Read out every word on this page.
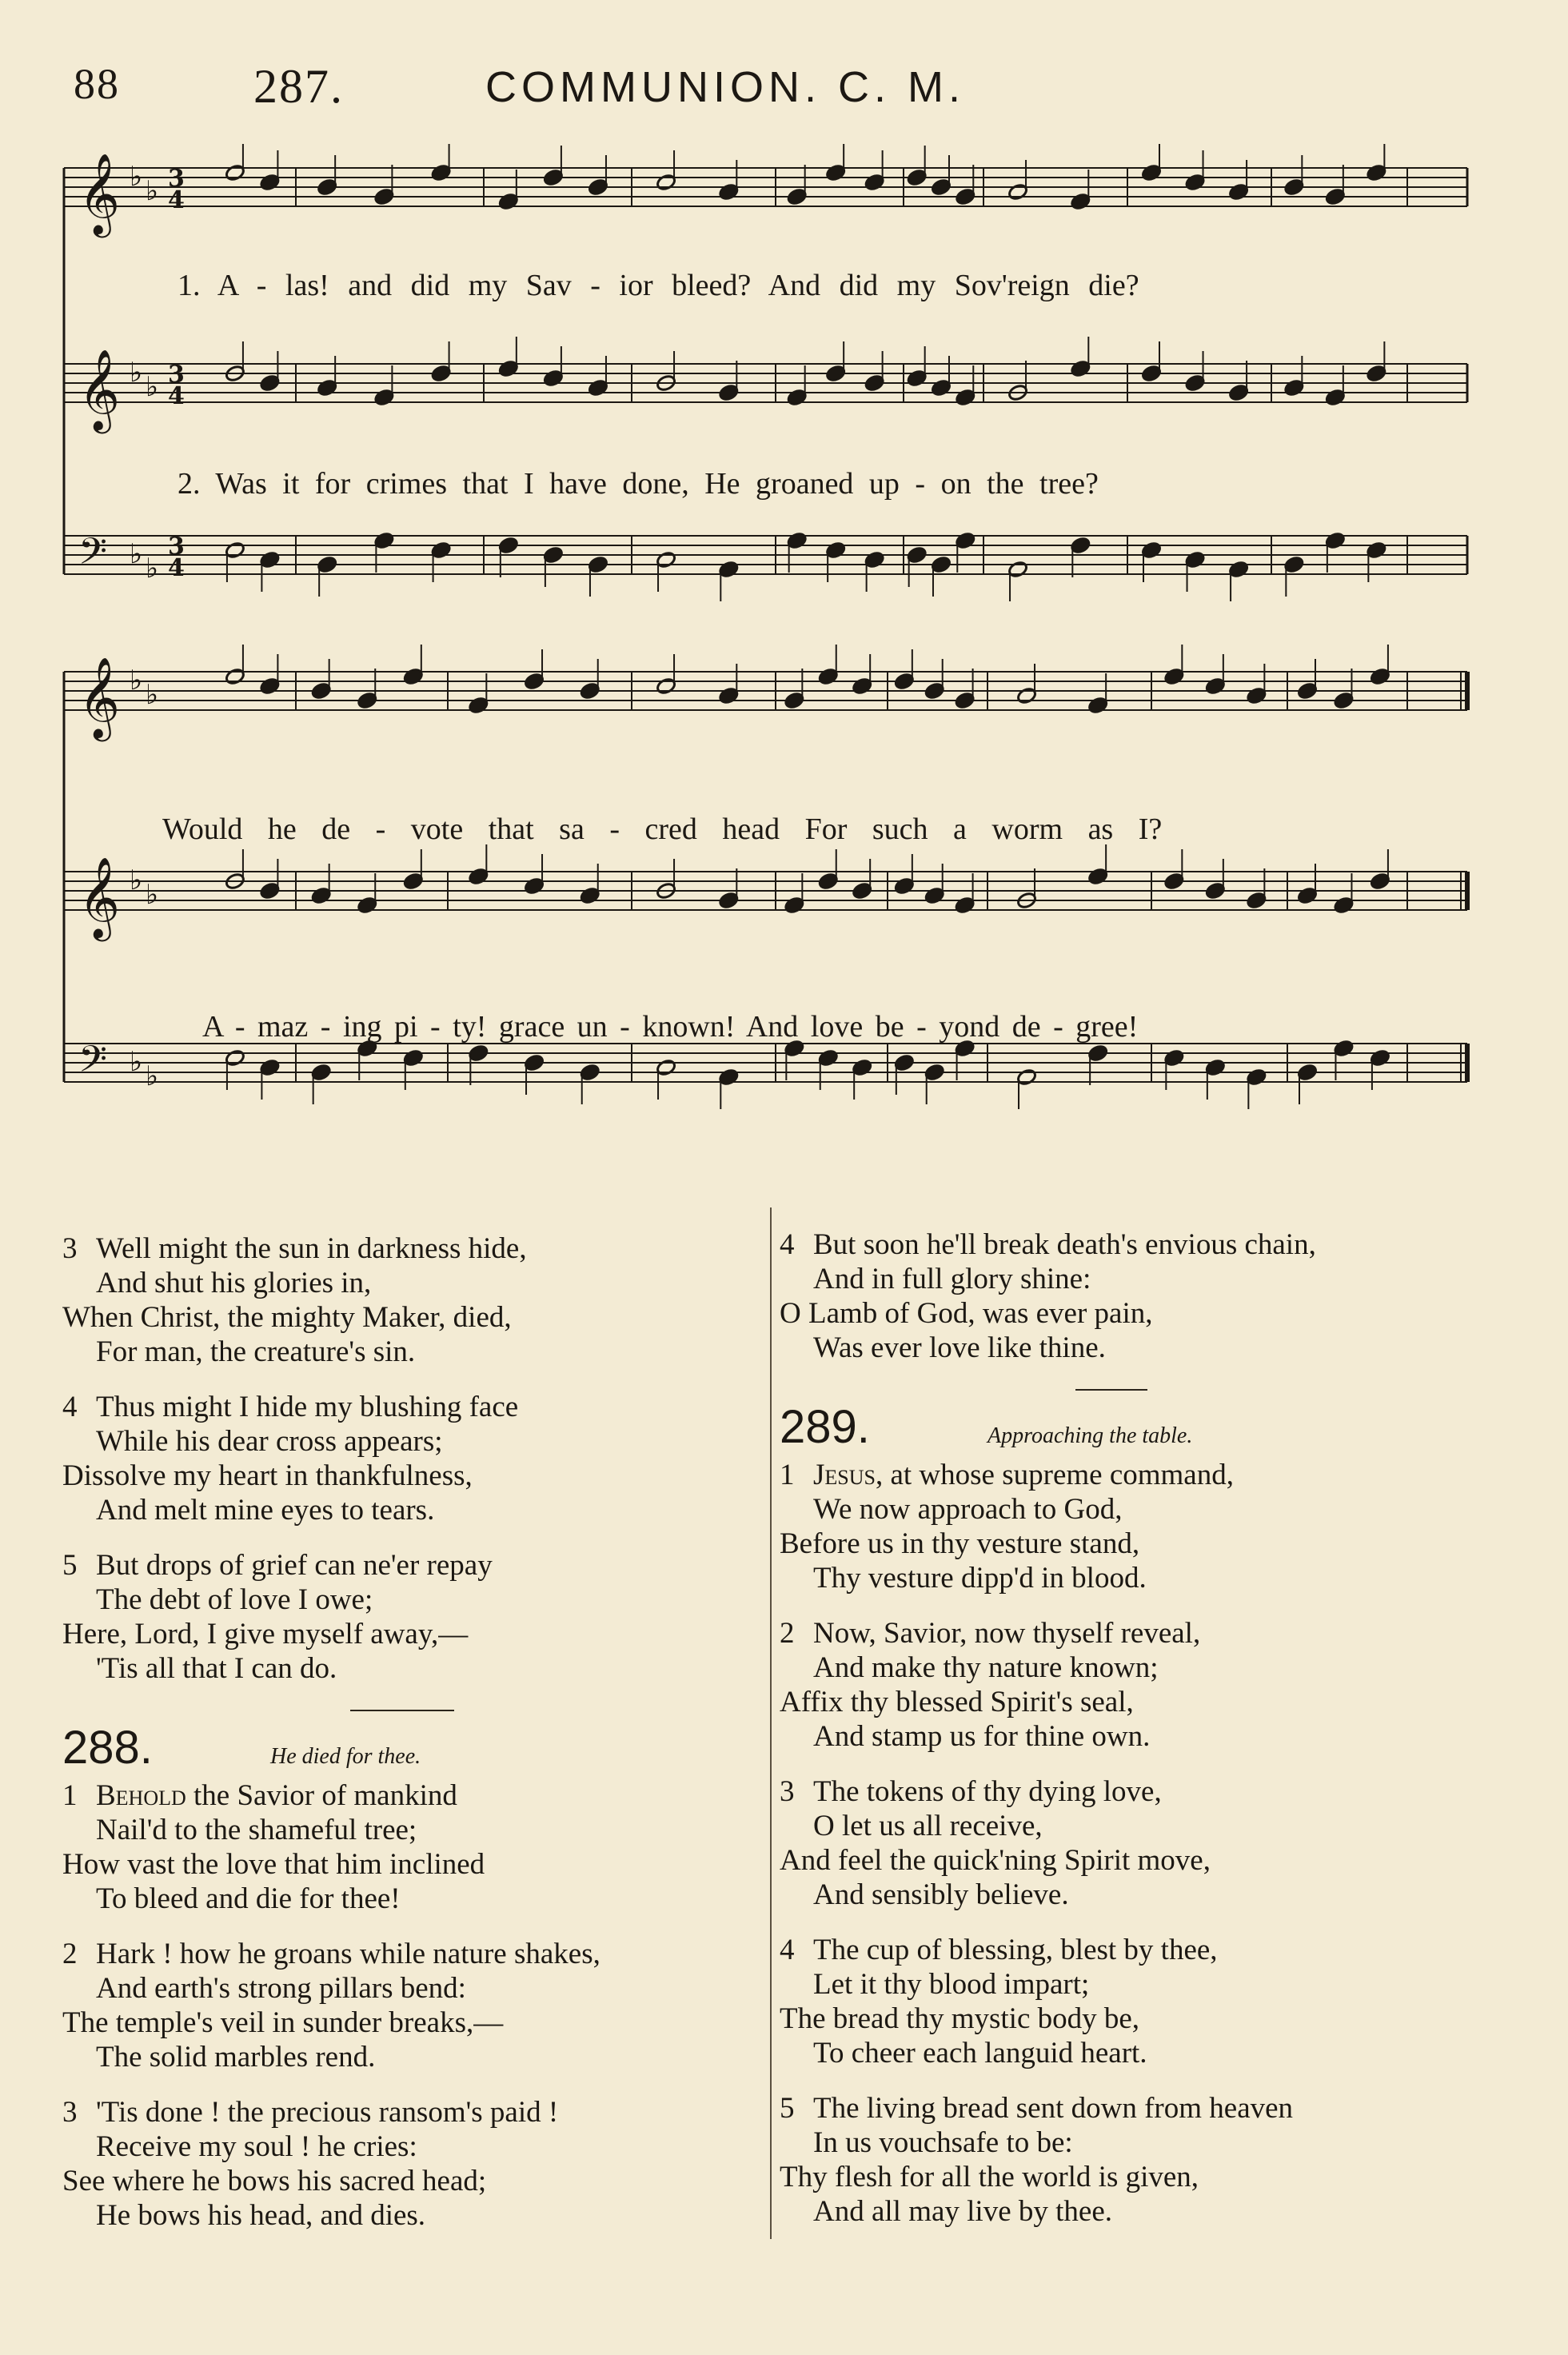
88	287.	COMMUNION. C. M.
𝄞 ♭ ♭ 3
4
𝄞 ♭ ♭ 3
4
𝄢 ♭ ♭
3
4
𝄞 ♭ ♭
𝄞 ♭ ♭
𝄢 ♭ ♭
1. A - las! and did my Sav - ior bleed? And did my Sov'reign die?
2. Was it for crimes that I have done, He groaned up - on the tree?
Would he de - vote that sa - cred head For such a worm as I?
A - maz - ing pi - ty! grace un - known! And love be - yond de - gree!
3 Well might the sun in darkness hide,
And shut his glories in,
When Christ, the mighty Maker, died,
For man, the creature's sin.
4 Thus might I hide my blushing face
While his dear cross appears;
Dissolve my heart in thankfulness,
And melt mine eyes to tears.
5 But drops of grief can ne'er repay
The debt of love I owe;
Here, Lord, I give myself away,—
'Tis all that I can do.
288.	He died for thee.
1 Behold the Savior of mankind
Nail'd to the shameful tree;
How vast the love that him inclined
To bleed and die for thee!
2 Hark ! how he groans while nature shakes,
And earth's strong pillars bend:
The temple's veil in sunder breaks,—
The solid marbles rend.
3 'Tis done ! the precious ransom's paid !
Receive my soul ! he cries:
See where he bows his sacred head;
He bows his head, and dies.
4 But soon he'll break death's envious chain,
And in full glory shine:
O Lamb of God, was ever pain,
Was ever love like thine.
289.	Approaching the table.
1 Jesus, at whose supreme command,
We now approach to God,
Before us in thy vesture stand,
Thy vesture dipp'd in blood.
2 Now, Savior, now thyself reveal,
And make thy nature known;
Affix thy blessed Spirit's seal,
And stamp us for thine own.
3 The tokens of thy dying love,
O let us all receive,
And feel the quick'ning Spirit move,
And sensibly believe.
4 The cup of blessing, blest by thee,
Let it thy blood impart;
The bread thy mystic body be,
To cheer each languid heart.
5 The living bread sent down from heaven
In us vouchsafe to be:
Thy flesh for all the world is given,
And all may live by thee.
